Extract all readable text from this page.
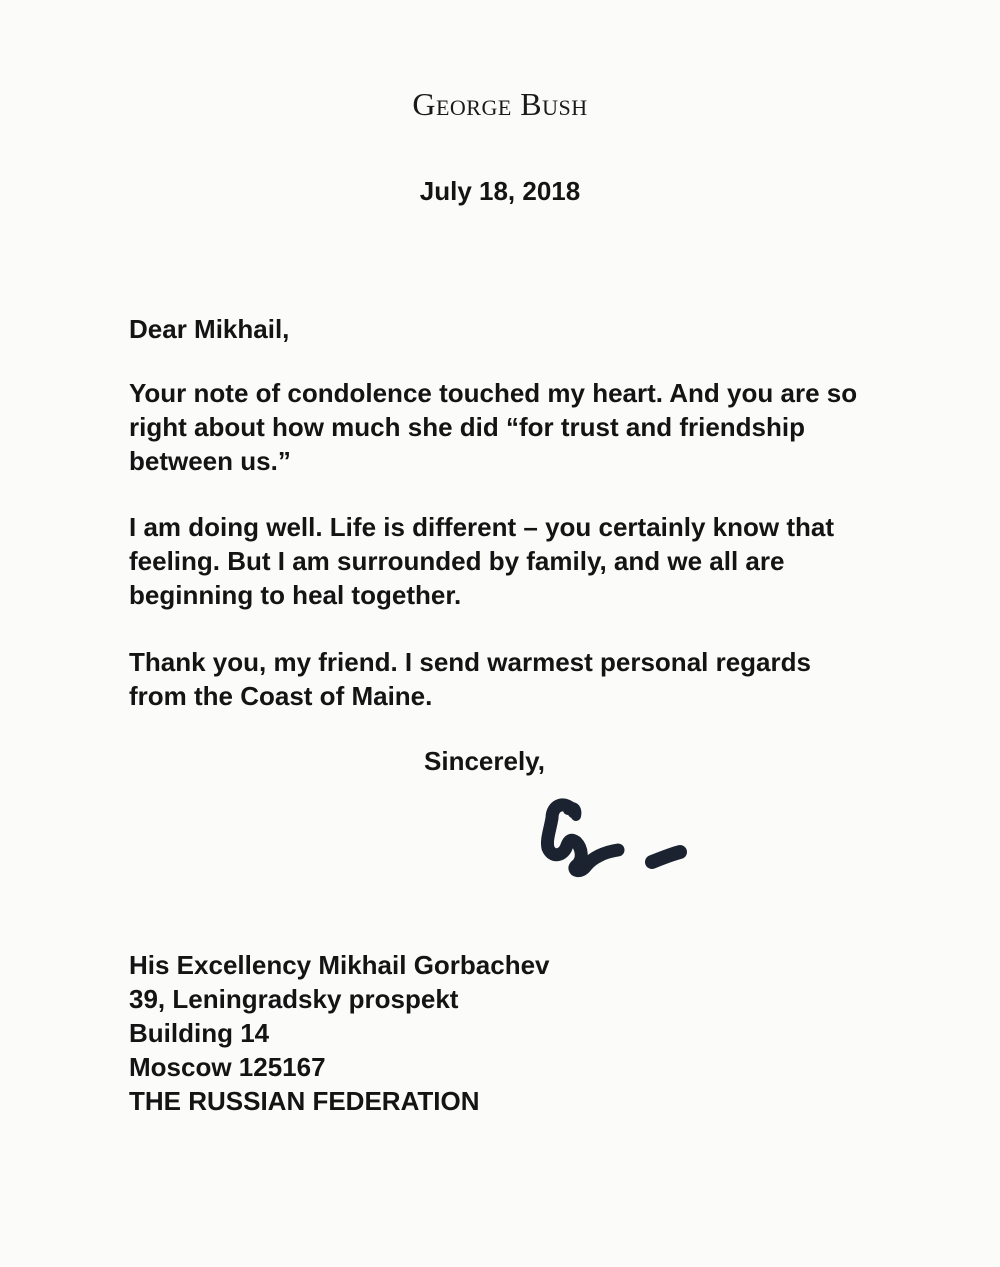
George Bush
July 18, 2018

Dear Mikhail,

Your note of condolence touched my heart. And you are so right about how much she did “for trust and friendship between us.”

I am doing well. Life is different – you certainly know that feeling. But I am surrounded by family, and we all are beginning to heal together.

Thank you, my friend. I send warmest personal regards from the Coast of Maine.

Sincerely,
His Excellency Mikhail Gorbachev
39, Leningradsky prospekt
Building 14
Moscow 125167
THE RUSSIAN FEDERATION
